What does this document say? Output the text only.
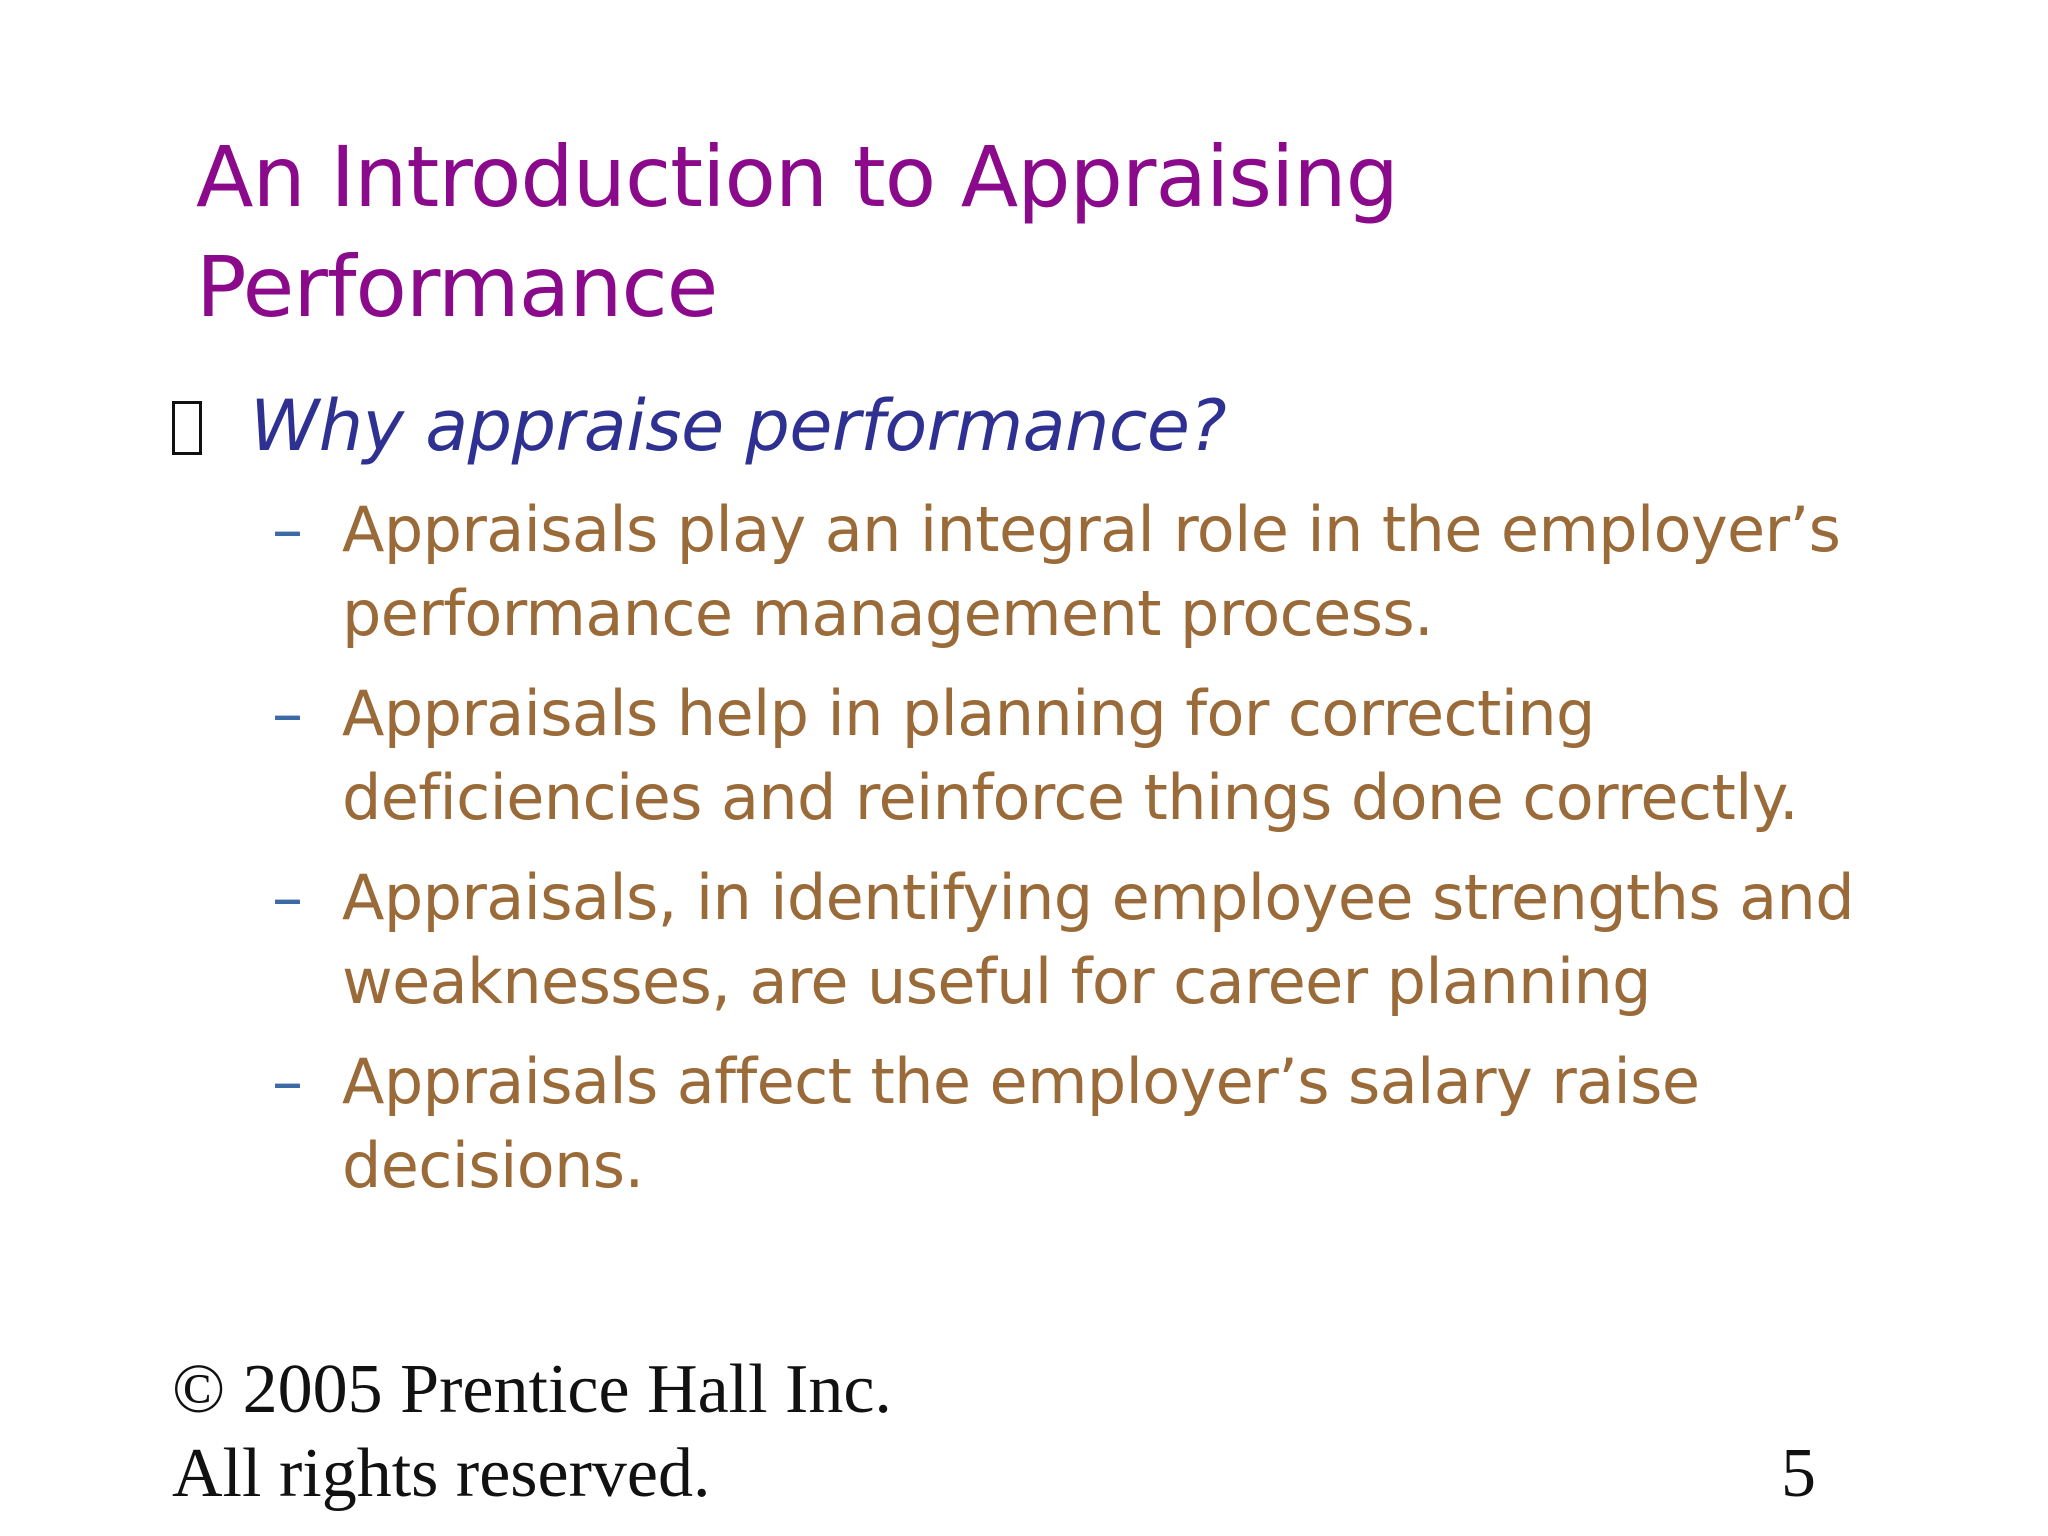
An Introduction to Appraising
Performance
Why appraise performance?
– Appraisals play an integral role in the employer’s
performance management process.
– Appraisals help in planning for correcting
deficiencies and reinforce things done correctly.
– Appraisals, in identifying employee strengths and
weaknesses, are useful for career planning
– Appraisals affect the employer’s salary raise
decisions.
© 2005 Prentice Hall Inc.
All rights reserved.	5
